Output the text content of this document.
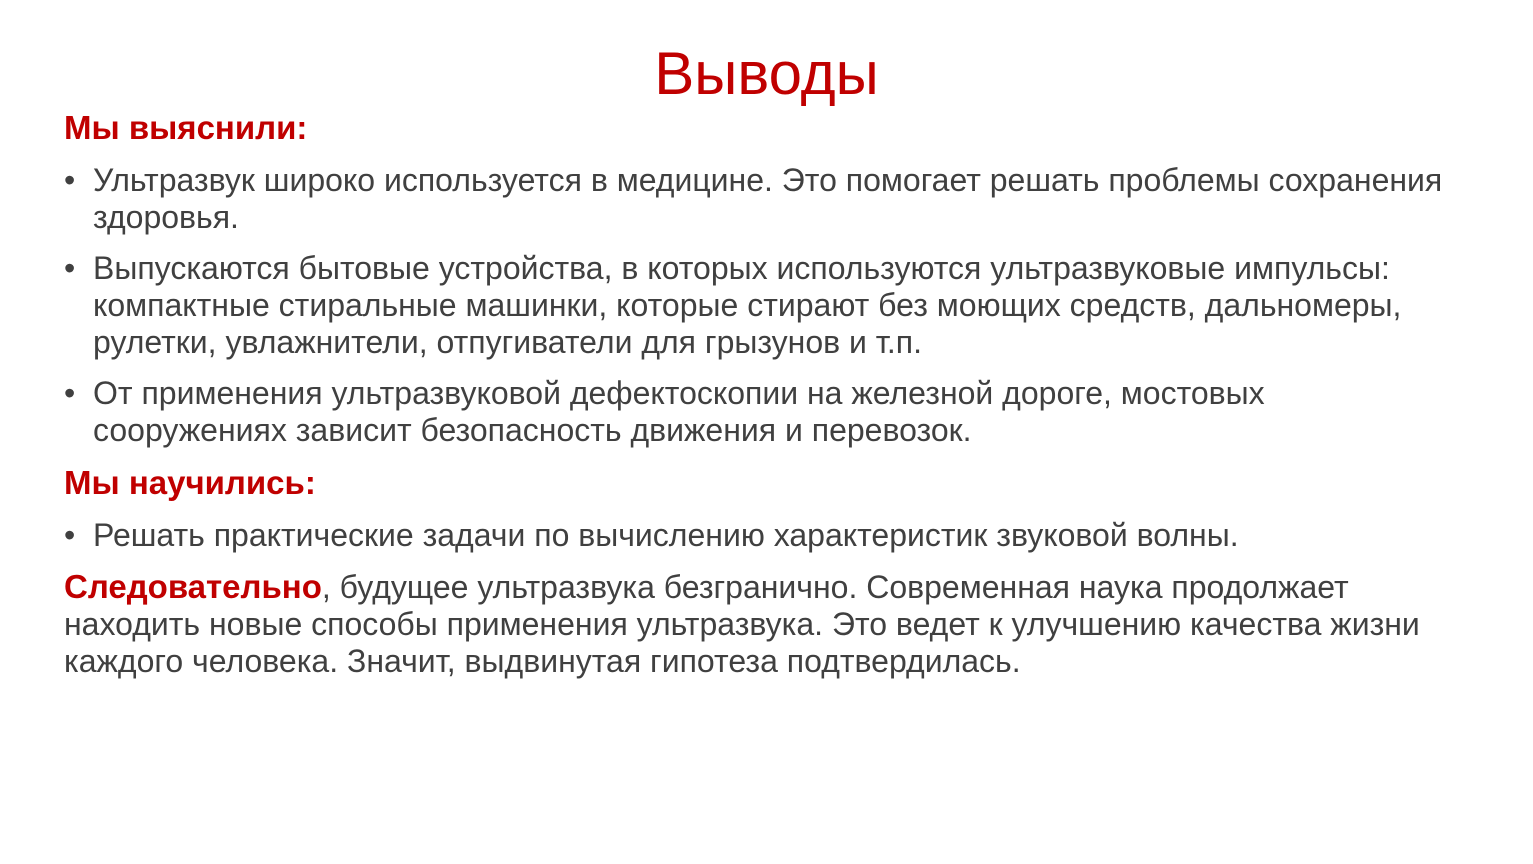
Выводы
Мы выяснили:
• Ультразвук широко используется в медицине. Это помогает решать проблемы сохранения здоровья.
• Выпускаются бытовые устройства, в которых используются ультразвуковые импульсы: компактные стиральные машинки, которые стирают без моющих средств, дальномеры, рулетки, увлажнители, отпугиватели для грызунов и т.п.
• От применения ультразвуковой дефектоскопии на железной дороге, мостовых сооружениях зависит безопасность движения и перевозок.
Мы научились:
• Решать практические задачи по вычислению характеристик звуковой волны.

Следовательно, будущее ультразвука безгранично. Современная наука продолжает находить новые способы применения ультразвука. Это ведет к улучшению качества жизни каждого человека. Значит, выдвинутая гипотеза подтвердилась.
